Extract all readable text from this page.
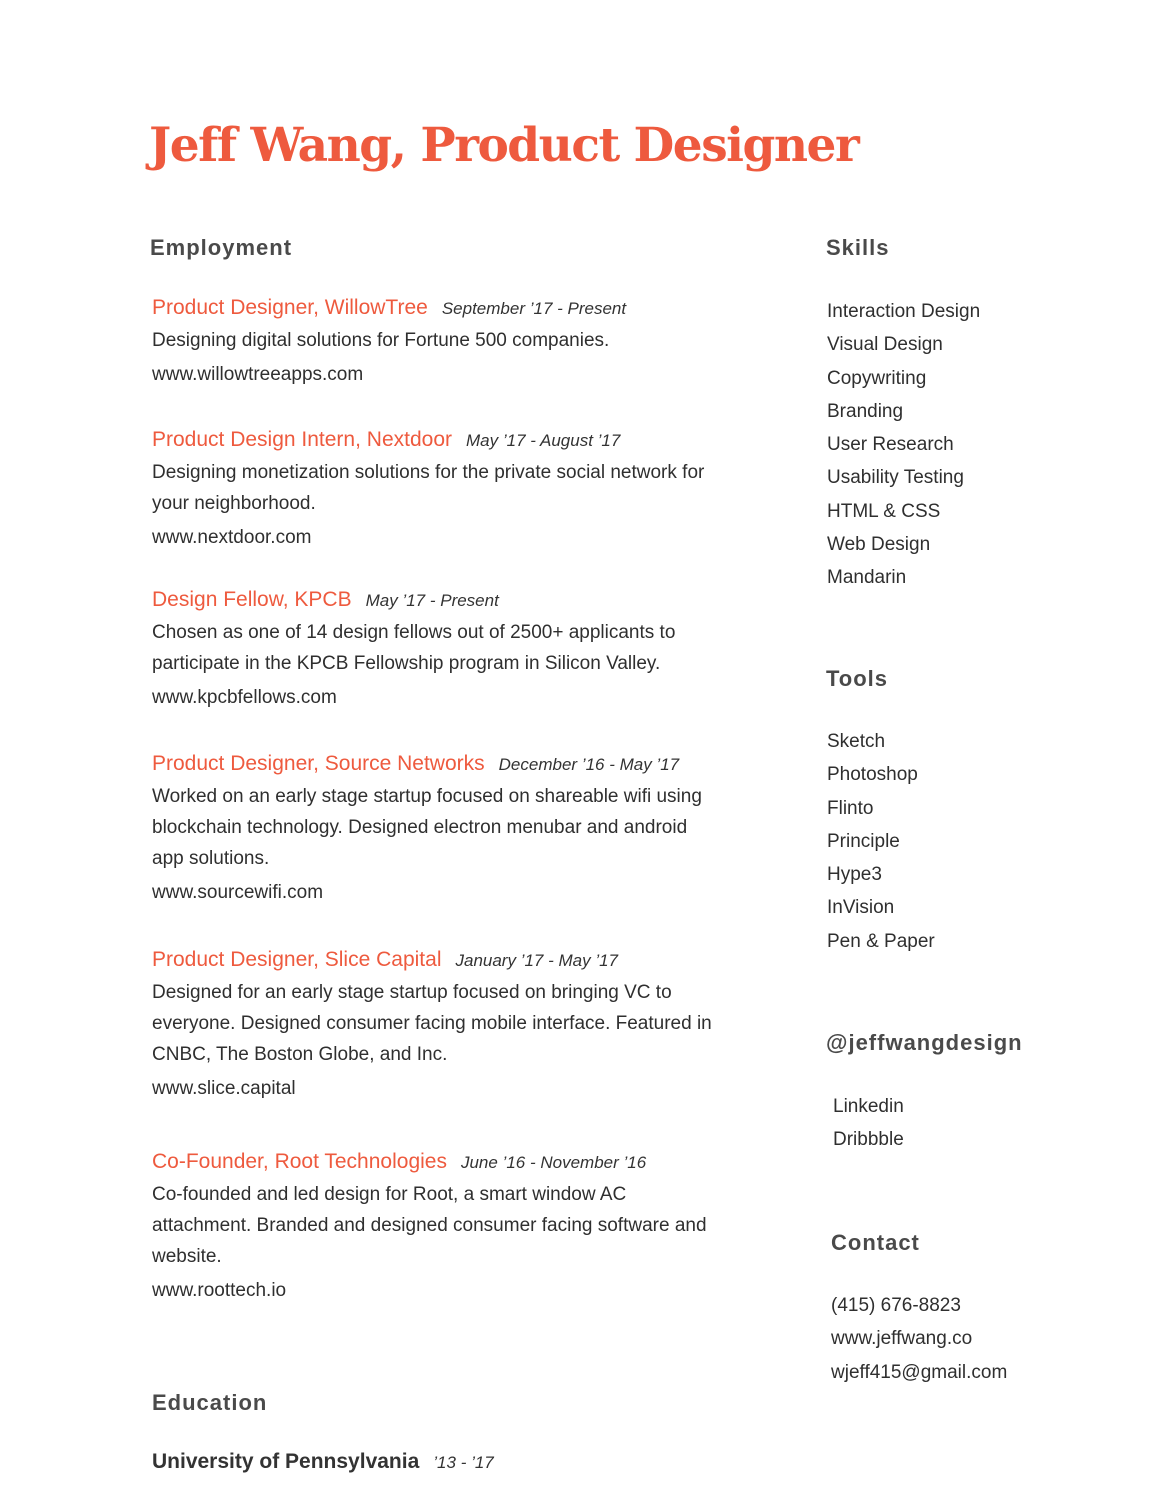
Jeff Wang, Product Designer
Employment
Product Designer, WillowTree September ’17 - Present
Designing digital solutions for Fortune 500 companies.
www.willowtreeapps.com
Product Design Intern, Nextdoor May ’17 - August ’17
Designing monetization solutions for the private social network for your neighborhood.
www.nextdoor.com
Design Fellow, KPCB May ’17 - Present
Chosen as one of 14 design fellows out of 2500+ applicants to participate in the KPCB Fellowship program in Silicon Valley.
www.kpcbfellows.com
Product Designer, Source Networks December ’16 - May ’17
Worked on an early stage startup focused on shareable wifi using blockchain technology. Designed electron menubar and android app solutions.
www.sourcewifi.com
Product Designer, Slice Capital January ’17 - May ’17
Designed for an early stage startup focused on bringing VC to everyone. Designed consumer facing mobile interface. Featured in CNBC, The Boston Globe, and Inc.
www.slice.capital
Co-Founder, Root Technologies June ’16 - November ’16
Co-founded and led design for Root, a smart window AC attachment. Branded and designed consumer facing software and website.
www.roottech.io
Education
University of Pennsylvania ’13 - ’17
Skills
Interaction Design
Visual Design
Copywriting
Branding
User Research
Usability Testing
HTML & CSS
Web Design
Mandarin
Tools
Sketch
Photoshop
Flinto
Principle
Hype3
InVision
Pen & Paper
@jeffwangdesign
Linkedin
Dribbble
Contact
(415) 676-8823
www.jeffwang.co
wjeff415@gmail.com
